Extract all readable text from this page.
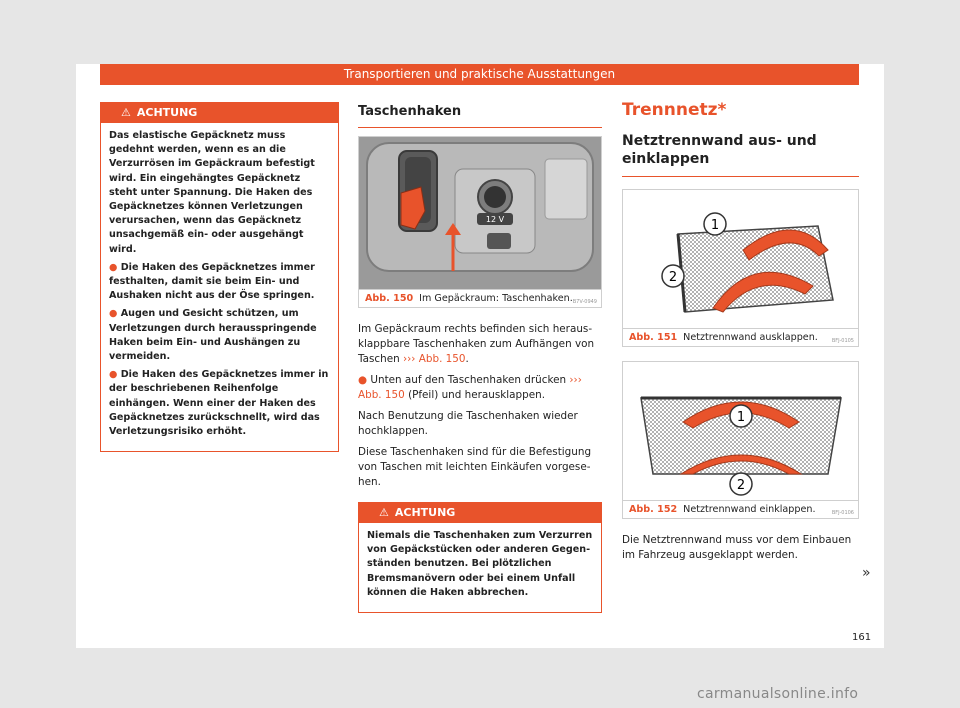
Transportieren und praktische Ausstattungen
⚠ ACHTUNG

Das elastische Gepäcknetz muss gedehnt werden, wenn es an die Verzurrösen im Gepäckraum befestigt wird. Ein eingehängtes Gepäcknetz steht unter Spannung. Die Haken des Gepäcknetzes können Verletzungen verursachen, wenn das Gepäcknetz unsachgemäß ein- oder ausgehängt wird.

● Die Haken des Gepäcknetzes immer festhalten, damit sie beim Ein- und Aushaken nicht aus der Öse springen.

● Augen und Gesicht schützen, um Verletzungen durch herausspringende Haken beim Ein- und Aushängen zu vermeiden.

● Die Haken des Gepäcknetzes immer in der beschriebenen Reihenfolge einhängen. Wenn einer der Haken des Gepäcknetzes zurückschnellt, wird das Verletzungsrisiko erhöht.

Taschenhaken
12 V
B7V-0949
Abb. 150 Im Gepäckraum: Taschenhaken.

Im Gepäckraum rechts befinden sich herausklappbare Taschenhaken zum Aufhängen von Taschen ››› Abb. 150.

● Unten auf den Taschenhaken drücken ››› Abb. 150 (Pfeil) und herausklappen.

Nach Benutzung die Taschenhaken wieder hochklappen.

Diese Taschenhaken sind für die Befestigung von Taschen mit leichten Einkäufen vorgesehen.

⚠ ACHTUNG

Niemals die Taschenhaken zum Verzurren von Gepäckstücken oder anderen Gegenständen benutzen. Bei plötzlichen Bremsmanövern oder bei einem Unfall können die Haken abbrechen.

Trennnetz*
Netztrennwand aus- und einklappen
1
2
BFJ-0105
Abb. 151 Netztrennwand ausklappen.
1
2
BFJ-0106
Abb. 152 Netztrennwand einklappen.

Die Netztrennwand muss vor dem Einbauen im Fahrzeug ausgeklappt werden.

»
161
carmanualsonline.info
